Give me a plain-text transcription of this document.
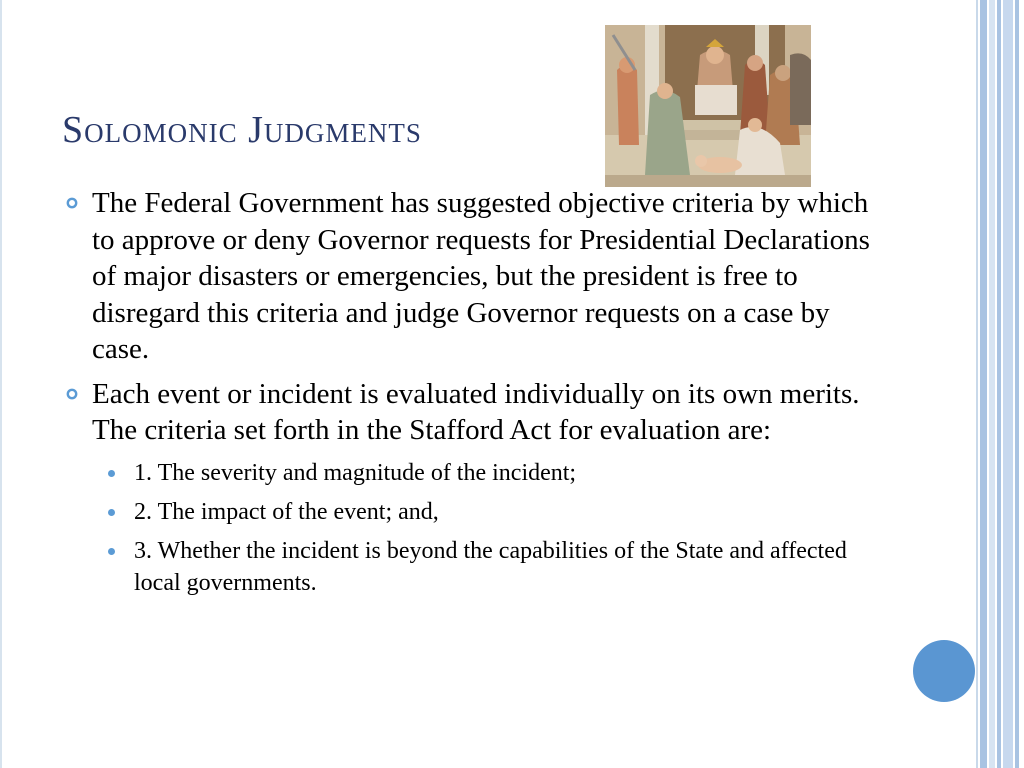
Solomonic Judgments
The Federal Government has suggested objective criteria by which to approve or deny Governor requests for Presidential Declarations of major disasters or emergencies, but the president is free to disregard this criteria and judge Governor requests on a case by case.
Each event or incident is evaluated individually on its own merits. The criteria set forth in the Stafford Act for evaluation are:
1. The severity and magnitude of the incident;
2. The impact of the event; and,
3. Whether the incident is beyond the capabilities of the State and affected local governments.
